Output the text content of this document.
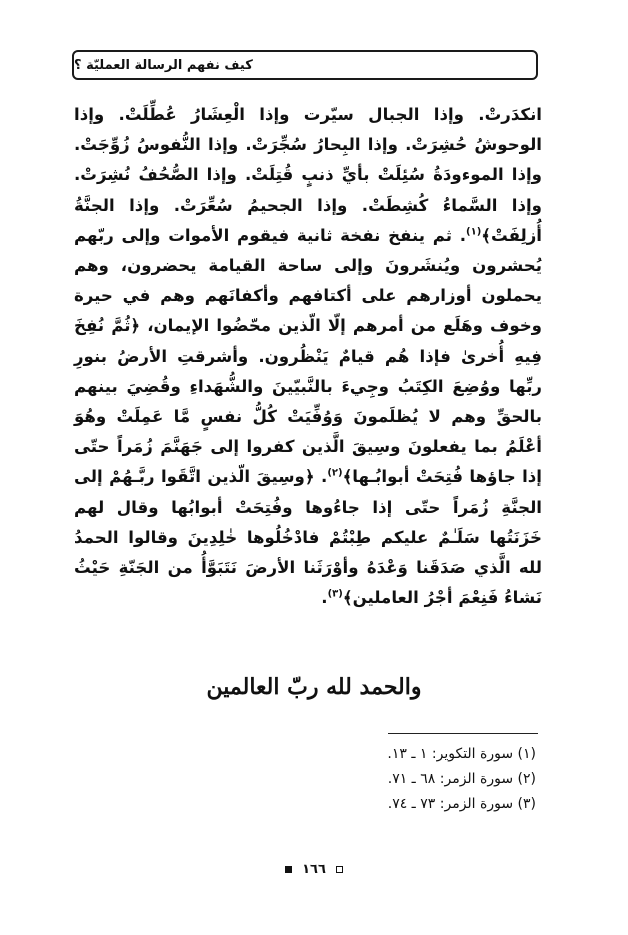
كيف نفهم الرسالة العمليّة ؟

انكدَرتْ. وإذا الجبال سيّرت وإذا الْعِشَارُ عُطِّلَتْ. وإذا الوحوشُ حُشِرَتْ. وإذا البِحارُ سُجِّرَتْ. وإذا النُّفوسُ زُوِّجَتْ. وإذا الموءودَةُ سُئِلَتْ بأيِّ ذنبٍ قُتِلَتْ. وإذا الصُّحُفُ نُشِرَتْ. وإذا السَّماءُ كُشِطَتْ. وإذا الجحيمُ سُعِّرَتْ. وإذا الجنَّةُ أُزلِفَتْ﴾$^{(١)}$. ثم ينفخ نفخة ثانية فيقوم الأموات وإلى ربّهم يُحشرون ويُنشَرونَ وإلى ساحة القيامة يحضرون، وهم يحملون أوزارهم على أكتافهم وأكفانَهم وهم في حيرة وخوف وهَلَع من أمرهم إلّا الّذين محّضُوا الإيمان، ﴿ثُمَّ نُفِخَ فِيهِ أُخرىٰ فإذا هُم قيامٌ يَنْظُرون. وأشرقتِ الأرضُ بنورِ ربِّها ووُضِعَ الكِتَبُ وجِيءَ بالنَّبيّينَ والشُّهَداءِ وقُضِيَ بينهم بالحقِّ وهم لا يُظلَمونَ وَوُفِّيَتْ كُلُّ نفسٍ مَّا عَمِلَتْ وهُوَ أعْلَمُ بما يفعلونَ وسِيقَ الَّذين كفروا إلى جَهَنَّمَ زُمَراً حتّى إذا جاؤها فُتِحَتْ أبوابُـها﴾$^{(٢)}$. ﴿وسِيقَ الّذين اتَّقَوا ربَّـهُمْ إلى الجنَّةِ زُمَراً حتّى إذا جاءُوها وفُتِحَتْ أبوابُها وقال لهم خَزَنَتُها سَلَـٰمٌ عليكم طِبْتُمْ فادْخُلُوها خٰلِدِينَ وقالوا الحمدُ لله الَّذي صَدَقَنا وَعْدَهُ وأوْرَثَنا الأرضَ نَتَبَوَّأُ من الجَنّةِ حَيْثُ نَشاءُ فَنِعْمَ أجْرُ العاملين﴾$^{(٣)}$.

والحمد لله ربّ العالمين
(١) سورة التكوير: ١ ـ ١٣.
(٢) سورة الزمر: ٦٨ ـ ٧١.
(٣) سورة الزمر: ٧٣ ـ ٧٤.
١٦٦
